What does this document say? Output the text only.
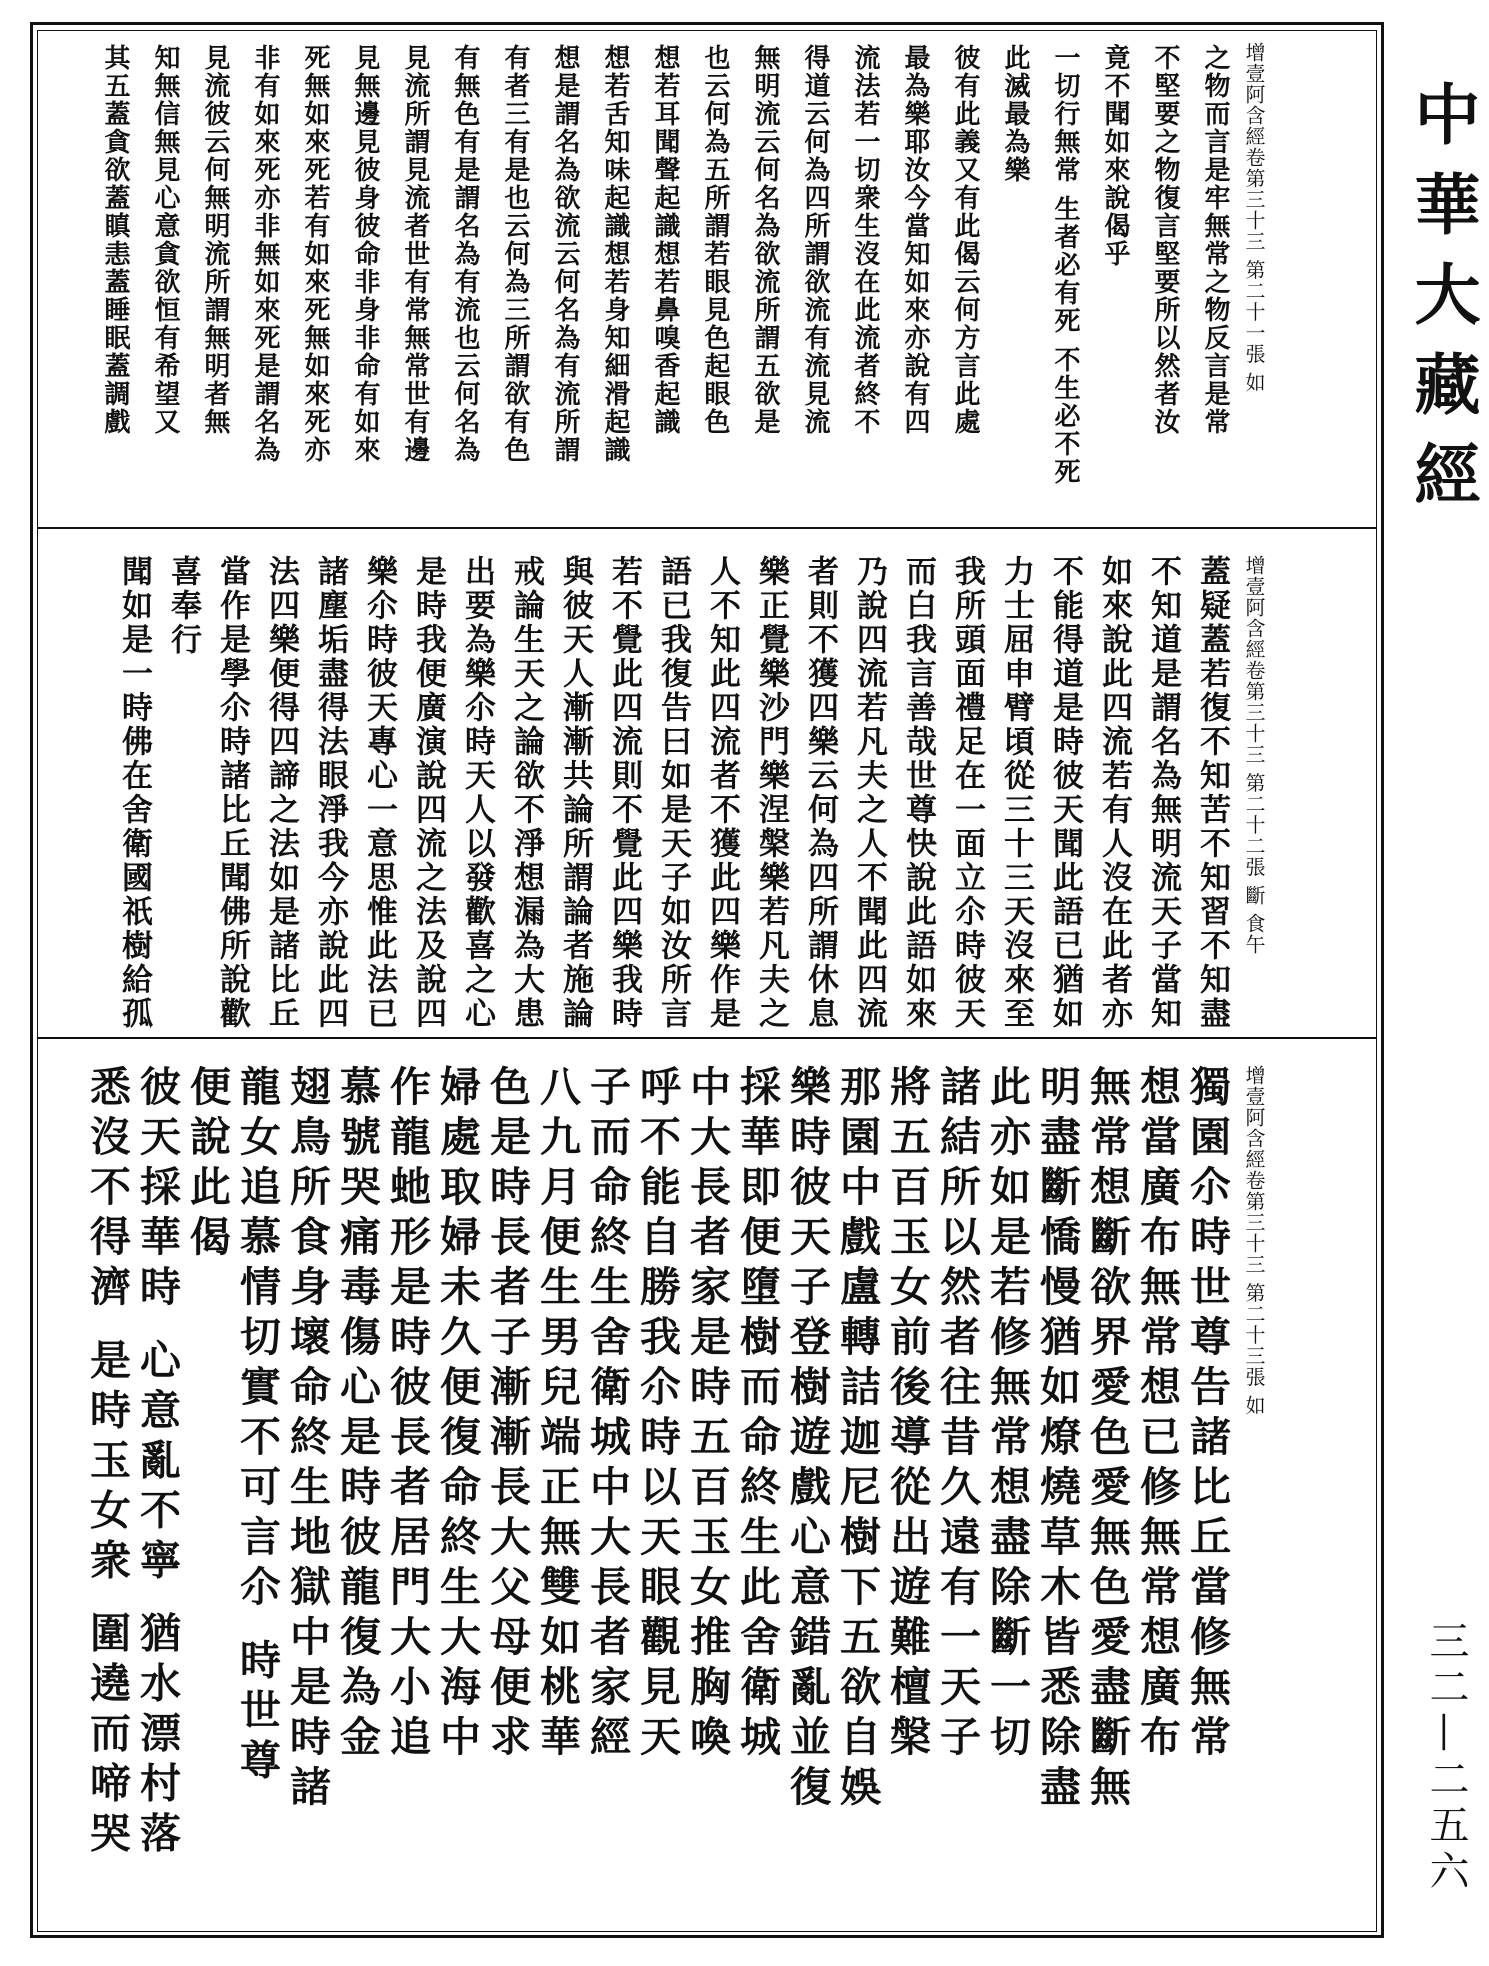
增壹阿含經卷第三十三 第二十一張 如
之物而言是牢無常之物反言是常
不堅要之物復言堅要所以然者汝
竟不聞如來說偈乎
一切行無常 生者必有死 不生必不死
此滅最為樂
彼有此義又有此偈云何方言此處
最為樂耶汝今當知如來亦說有四
流法若一切衆生沒在此流者終不
得道云何為四所謂欲流有流見流
無明流云何名為欲流所謂五欲是
也云何為五所謂若眼見色起眼色
想若耳聞聲起識想若鼻嗅香起識
想若舌知味起識想若身知細滑起識
想是謂名為欲流云何名為有流所謂
有者三有是也云何為三所謂欲有色
有無色有是謂名為有流也云何名為
見流所謂見流者世有常無常世有邊
見無邊見彼身彼命非身非命有如來
死無如來死若有如來死無如來死亦
非有如來死亦非無如來死是謂名為
見流彼云何無明流所謂無明者無
知無信無見心意貪欲恒有希望又
其五蓋貪欲蓋瞋恚蓋睡眠蓋調戲
增壹阿含經卷第三十三 第二十二張 斷 食午
蓋疑蓋若復不知苦不知習不知盡
不知道是謂名為無明流天子當知
如來說此四流若有人沒在此者亦
不能得道是時彼天聞此語已猶如
力士屈申臂頃從三十三天沒來至
我所頭面禮足在一面立尒時彼天
而白我言善哉世尊快說此語如來
乃說四流若凡夫之人不聞此四流
者則不獲四樂云何為四所謂休息
樂正覺樂沙門樂涅槃樂若凡夫之
人不知此四流者不獲此四樂作是
語已我復告曰如是天子如汝所言
若不覺此四流則不覺此四樂我時
與彼天人漸漸共論所謂論者施論
戒論生天之論欲不淨想漏為大患
出要為樂尒時天人以發歡喜之心
是時我便廣演說四流之法及說四
樂尒時彼天專心一意思惟此法已
諸塵垢盡得法眼淨我今亦說此四
法四樂便得四諦之法如是諸比丘
當作是學尒時諸比丘聞佛所說歡
喜奉行
聞如是一時佛在舍衛國祇樹給孤
增壹阿含經卷第三十三 第二十三張 如
獨園尒時世尊告諸比丘當修無常
想當廣布無常想已修無常想廣布
無常想斷欲界愛色愛無色愛盡斷無
明盡斷憍慢猶如燎燒草木皆悉除盡
此亦如是若修無常想盡除斷一切
諸結所以然者往昔久遠有一天子
將五百玉女前後導從出遊難檀槃
那園中戲盧轉詰迦尼樹下五欲自娛
樂時彼天子登樹遊戲心意錯亂並復
採華即便墮樹而命終生此舍衛城
中大長者家是時五百玉女推胸喚
呼不能自勝我尒時以天眼觀見天
子而命終生舍衛城中大長者家經
八九月便生男兒端正無雙如桃華
色是時長者子漸漸長大父母便求
婦處取婦未久便復命終生大海中
作龍虵形是時彼長者居門大小追
慕號哭痛毒傷心是時彼龍復為金
翅鳥所食身壞命終生地獄中是時諸
龍女追慕情切實不可言尒 時世尊
便說此偈
彼天採華時 心意亂不寧 猶水漂村落
悉沒不得濟 是時玉女衆 圍遶而啼哭
中華大藏經
三二—二五六
